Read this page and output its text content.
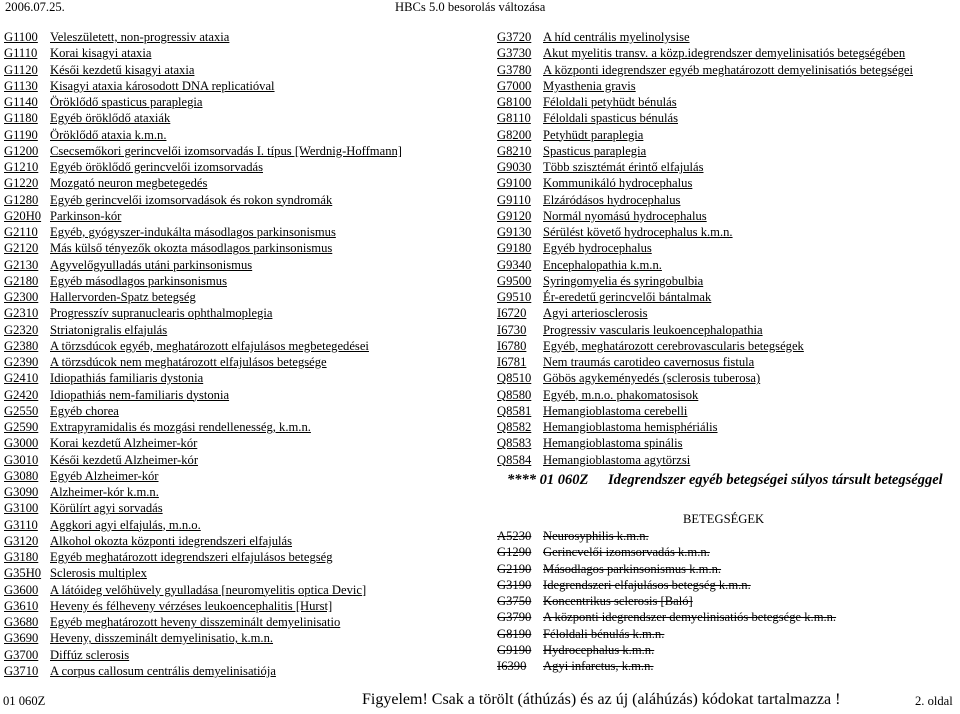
2006.07.25.	HBCs 5.0 besorolás változása
G1100 Veleszületett, non-progressiv ataxia
G1110 Korai kisagyi ataxia
G1120 Késői kezdetű kisagyi ataxia
G1130 Kisagyi ataxia károsodott DNA replicatióval
G1140 Öröklődő spasticus paraplegia
G1180 Egyéb öröklődő ataxiák
G1190 Öröklődő ataxia k.m.n.
G1200 Csecsemőkori gerincvelői izomsorvadás I. típus [Werdnig-Hoffmann]
G1210 Egyéb öröklődő gerincvelői izomsorvadás
G1220 Mozgató neuron megbetegedés
G1280 Egyéb gerincvelői izomsorvadások és rokon syndromák
G20H0 Parkinson-kór
G2110 Egyéb, gyógyszer-indukálta másodlagos parkinsonismus
G2120 Más külső tényezők okozta másodlagos parkinsonismus
G2130 Agyvelőgyulladás utáni parkinsonismus
G2180 Egyéb másodlagos parkinsonismus
G2300 Hallervorden-Spatz betegség
G2310 Progresszív supranuclearis ophthalmoplegia
G2320 Striatonigralis elfajulás
G2380 A törzsdúcok egyéb, meghatározott elfajulásos megbetegedései
G2390 A törzsdúcok nem meghatározott elfajulásos betegsége
G2410 Idiopathiás familiaris dystonia
G2420 Idiopathiás nem-familiaris dystonia
G2550 Egyéb chorea
G2590 Extrapyramidalis és mozgási rendellenesség, k.m.n.
G3000 Korai kezdetű Alzheimer-kór
G3010 Késői kezdetű Alzheimer-kór
G3080 Egyéb Alzheimer-kór
G3090 Alzheimer-kór k.m.n.
G3100 Körülírt agyi sorvadás
G3110 Aggkori agyi elfajulás, m.n.o.
G3120 Alkohol okozta központi idegrendszeri elfajulás
G3180 Egyéb meghatározott idegrendszeri elfajulásos betegség
G35H0 Sclerosis multiplex
G3600 A látóideg velőhüvely gyulladása [neuromyelitis optica Devic]
G3610 Heveny és félheveny vérzéses leukoencephalitis [Hurst]
G3680 Egyéb meghatározott heveny disszeminált demyelinisatio
G3690 Heveny, disszeminált demyelinisatio, k.m.n.
G3700 Diffúz sclerosis
G3710 A corpus callosum centrális demyelinisatiója
G3720 A híd centrális myelinolysise
G3730 Akut myelitis transv. a közp.idegrendszer demyelinisatiós betegségében
G3780 A központi idegrendszer egyéb meghatározott demyelinisatiós betegségei
G7000 Myasthenia gravis
G8100 Féloldali petyhüdt bénulás
G8110 Féloldali spasticus bénulás
G8200 Petyhüdt paraplegia
G8210 Spasticus paraplegia
G9030 Több szisztémát érintő elfajulás
G9100 Kommunikáló hydrocephalus
G9110 Elzáródásos hydrocephalus
G9120 Normál nyomású hydrocephalus
G9130 Sérülést követő hydrocephalus k.m.n.
G9180 Egyéb hydrocephalus
G9340 Encephalopathia k.m.n.
G9500 Syringomyelia és syringobulbia
G9510 Ér-eredetű gerincvelői bántalmak
I6720 Agyi arteriosclerosis
I6730 Progressiv vascularis leukoencephalopathia
I6780 Egyéb, meghatározott cerebrovascularis betegségek
I6781 Nem traumás carotideo cavernosus fistula
Q8510 Göbös agykeményedés (sclerosis tuberosa)
Q8580 Egyéb, m.n.o. phakomatosisok
Q8581 Hemangioblastoma cerebelli
Q8582 Hemangioblastoma hemisphériális
Q8583 Hemangioblastoma spinális
Q8584 Hemangioblastoma agytörzsi
**** 01 060Z Idegrendszer egyéb betegségei súlyos társult betegséggel
BETEGSÉGEK
A5230 Neurosyphilis k.m.n.
G1290 Gerincvelői izomsorvadás k.m.n.
G2190 Másodlagos parkinsonismus k.m.n.
G3190 Idegrendszeri elfajulásos betegség k.m.n.
G3750 Koncentrikus sclerosis [Baló]
G3790 A központi idegrendszer demyelinisatiós betegsége k.m.n.
G8190 Féloldali bénulás k.m.n.
G9190 Hydrocephalus k.m.n.
I6390 Agyi infarctus, k.m.n.
01 060Z	Figyelem! Csak a törölt (áthúzás) és az új (aláhúzás) kódokat tartalmazza !	2. oldal
